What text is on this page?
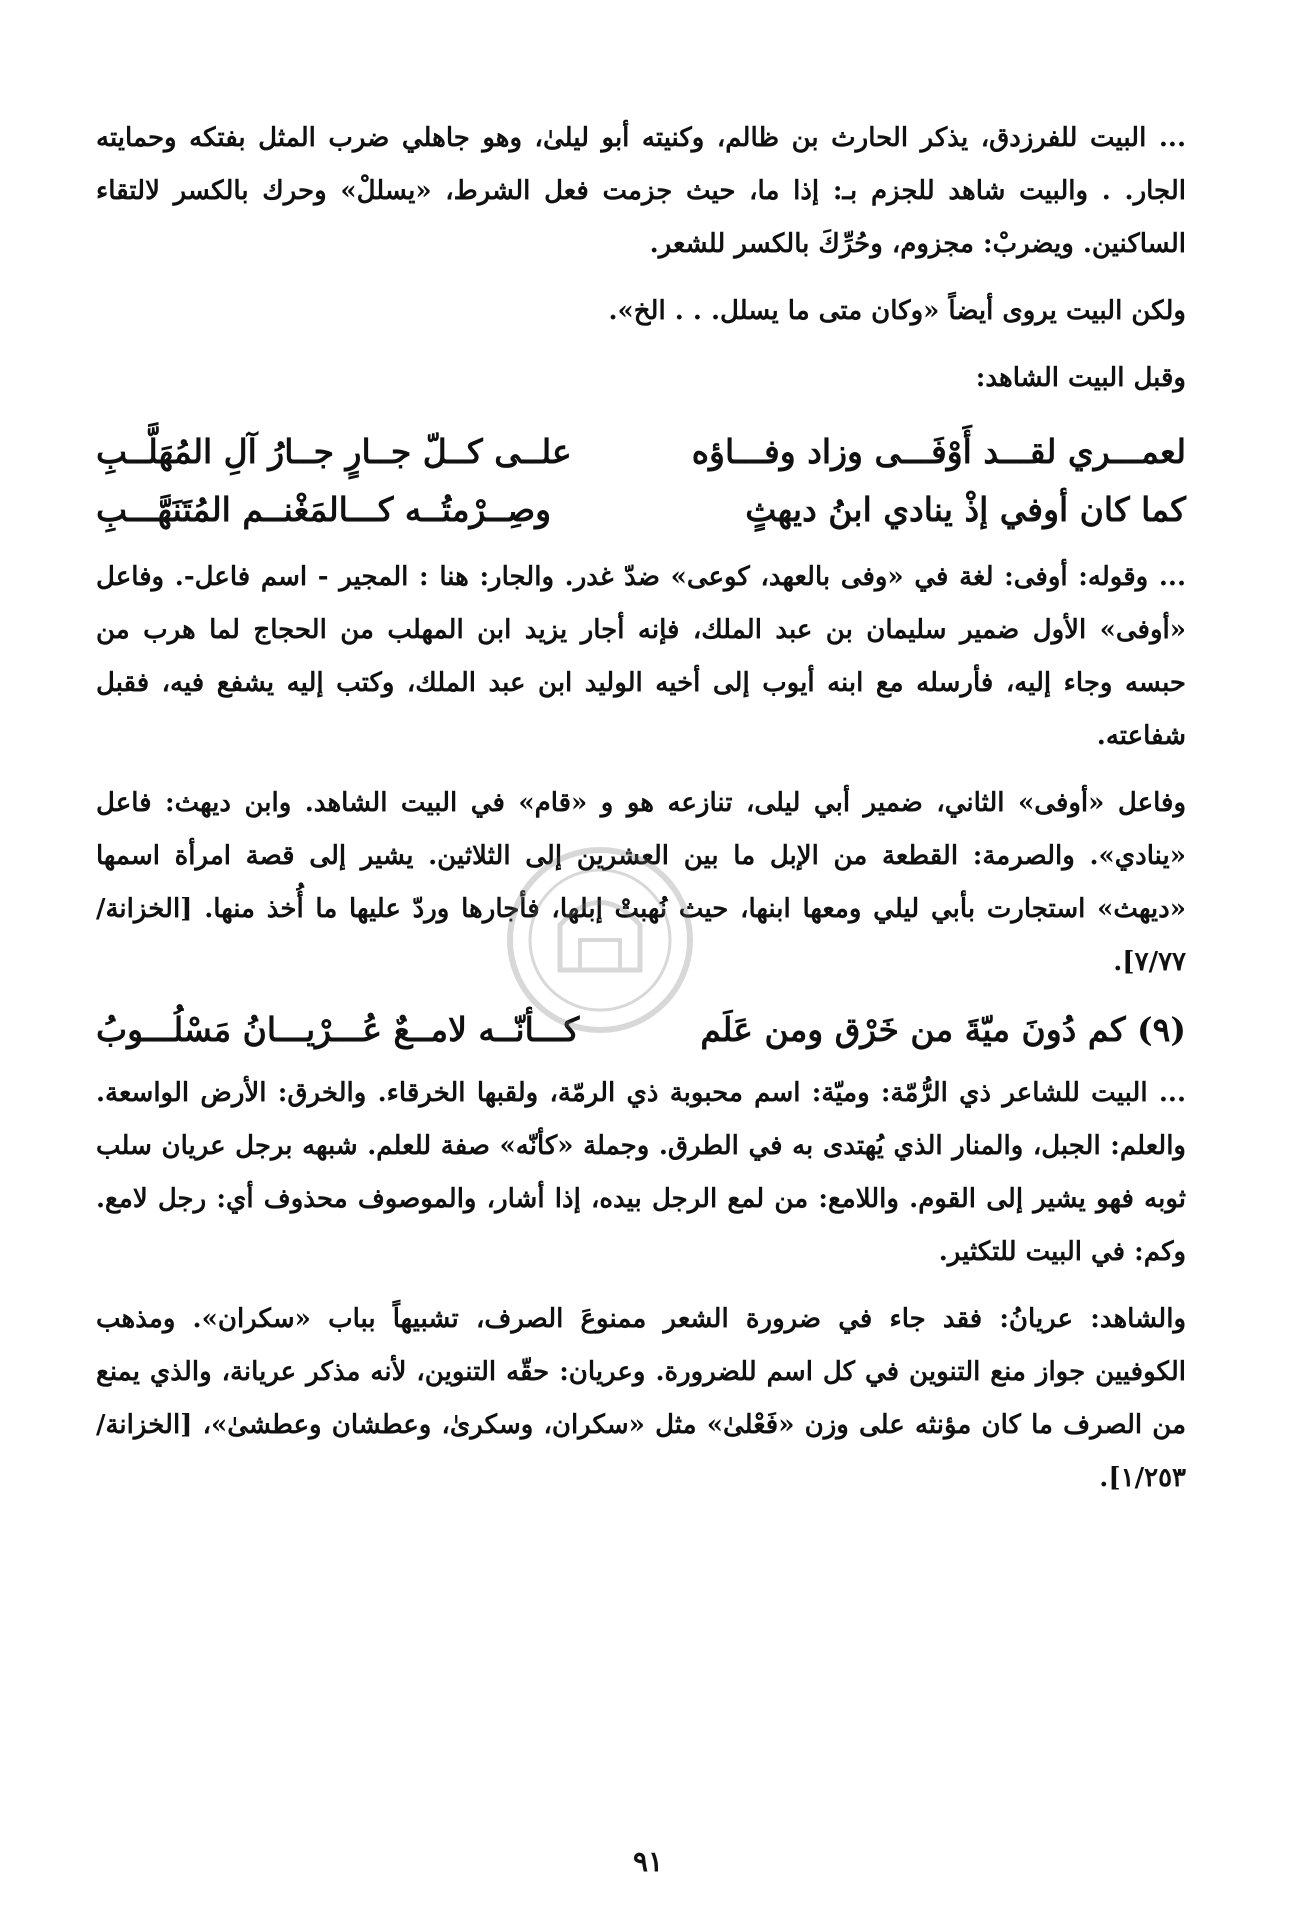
... البيت للفرزدق، يذكر الحارث بن ظالم، وكنيته أبو ليلىٰ، وهو جاهلي ضرب المثل بفتكه وحمايته الجار. . والبيت شاهد للجزم بـ: إذا ما، حيث جزمت فعل الشرط، «يسللْ» وحرك بالكسر لالتقاء الساكنين. ويضربْ: مجزوم، وحُرِّكَ بالكسر للشعر.

ولكن البيت يروى أيضاً «وكان متى ما يسلل. . . الخ».

وقبل البيت الشاهد:

لعمـــري لقـــد أَوْفَـــى وزاد وفـــاؤه
علــى كــلّ جــارٍ جــارُ آلِ المُهَلَّــبِ
كما كان أوفي إذْ ينادي ابنُ ديهثٍ
وصِــرْمتُــه كـــالمَغْنــم المُتَنَهَّـــبِ

... وقوله: أوفى: لغة في «وفى بالعهد، كوعى» ضدّ غدر. والجار: هنا : المجير - اسم فاعل-. وفاعل «أوفى» الأول ضمير سليمان بن عبد الملك، فإنه أجار يزيد ابن المهلب من الحجاج لما هرب من حبسه وجاء إليه، فأرسله مع ابنه أيوب إلى أخيه الوليد ابن عبد الملك، وكتب إليه يشفع فيه، فقبل شفاعته.

وفاعل «أوفى» الثاني، ضمير أبي ليلى، تنازعه هو و «قام» في البيت الشاهد. وابن ديهث: فاعل «ينادي». والصرمة: القطعة من الإبل ما بين العشرين إلى الثلاثين. يشير إلى قصة امرأة اسمها «ديهث» استجارت بأبي ليلي ومعها ابنها، حيث نُهبتْ إبلها، فأجارها وردّ عليها ما أُخذ منها. [الخزانة/٧/٧٧].

(٩) كم دُونَ ميّةَ من خَرْق ومن عَلَم
كـــأنّــه لامــعٌ عُـــرْيـــانُ مَسْلُـــوبُ

... البيت للشاعر ذي الرُّمّة: وميّة: اسم محبوبة ذي الرمّة، ولقبها الخرقاء. والخرق: الأرض الواسعة. والعلم: الجبل، والمنار الذي يُهتدى به في الطرق. وجملة «كأنّه» صفة للعلم. شبهه برجل عريان سلب ثوبه فهو يشير إلى القوم. واللامع: من لمع الرجل بيده، إذا أشار، والموصوف محذوف أي: رجل لامع. وكم: في البيت للتكثير.

والشاهد: عريانُ: فقد جاء في ضرورة الشعر ممنوعَ الصرف، تشبيهاً بباب «سكران». ومذهب الكوفيين جواز منع التنوين في كل اسم للضرورة. وعريان: حقّه التنوين، لأنه مذكر عريانة، والذي يمنع من الصرف ما كان مؤنثه على وزن «فَعْلىٰ» مثل «سكران، وسكرىٰ، وعطشان وعطشىٰ»، [الخزانة/١/٢٥٣].

٩١
